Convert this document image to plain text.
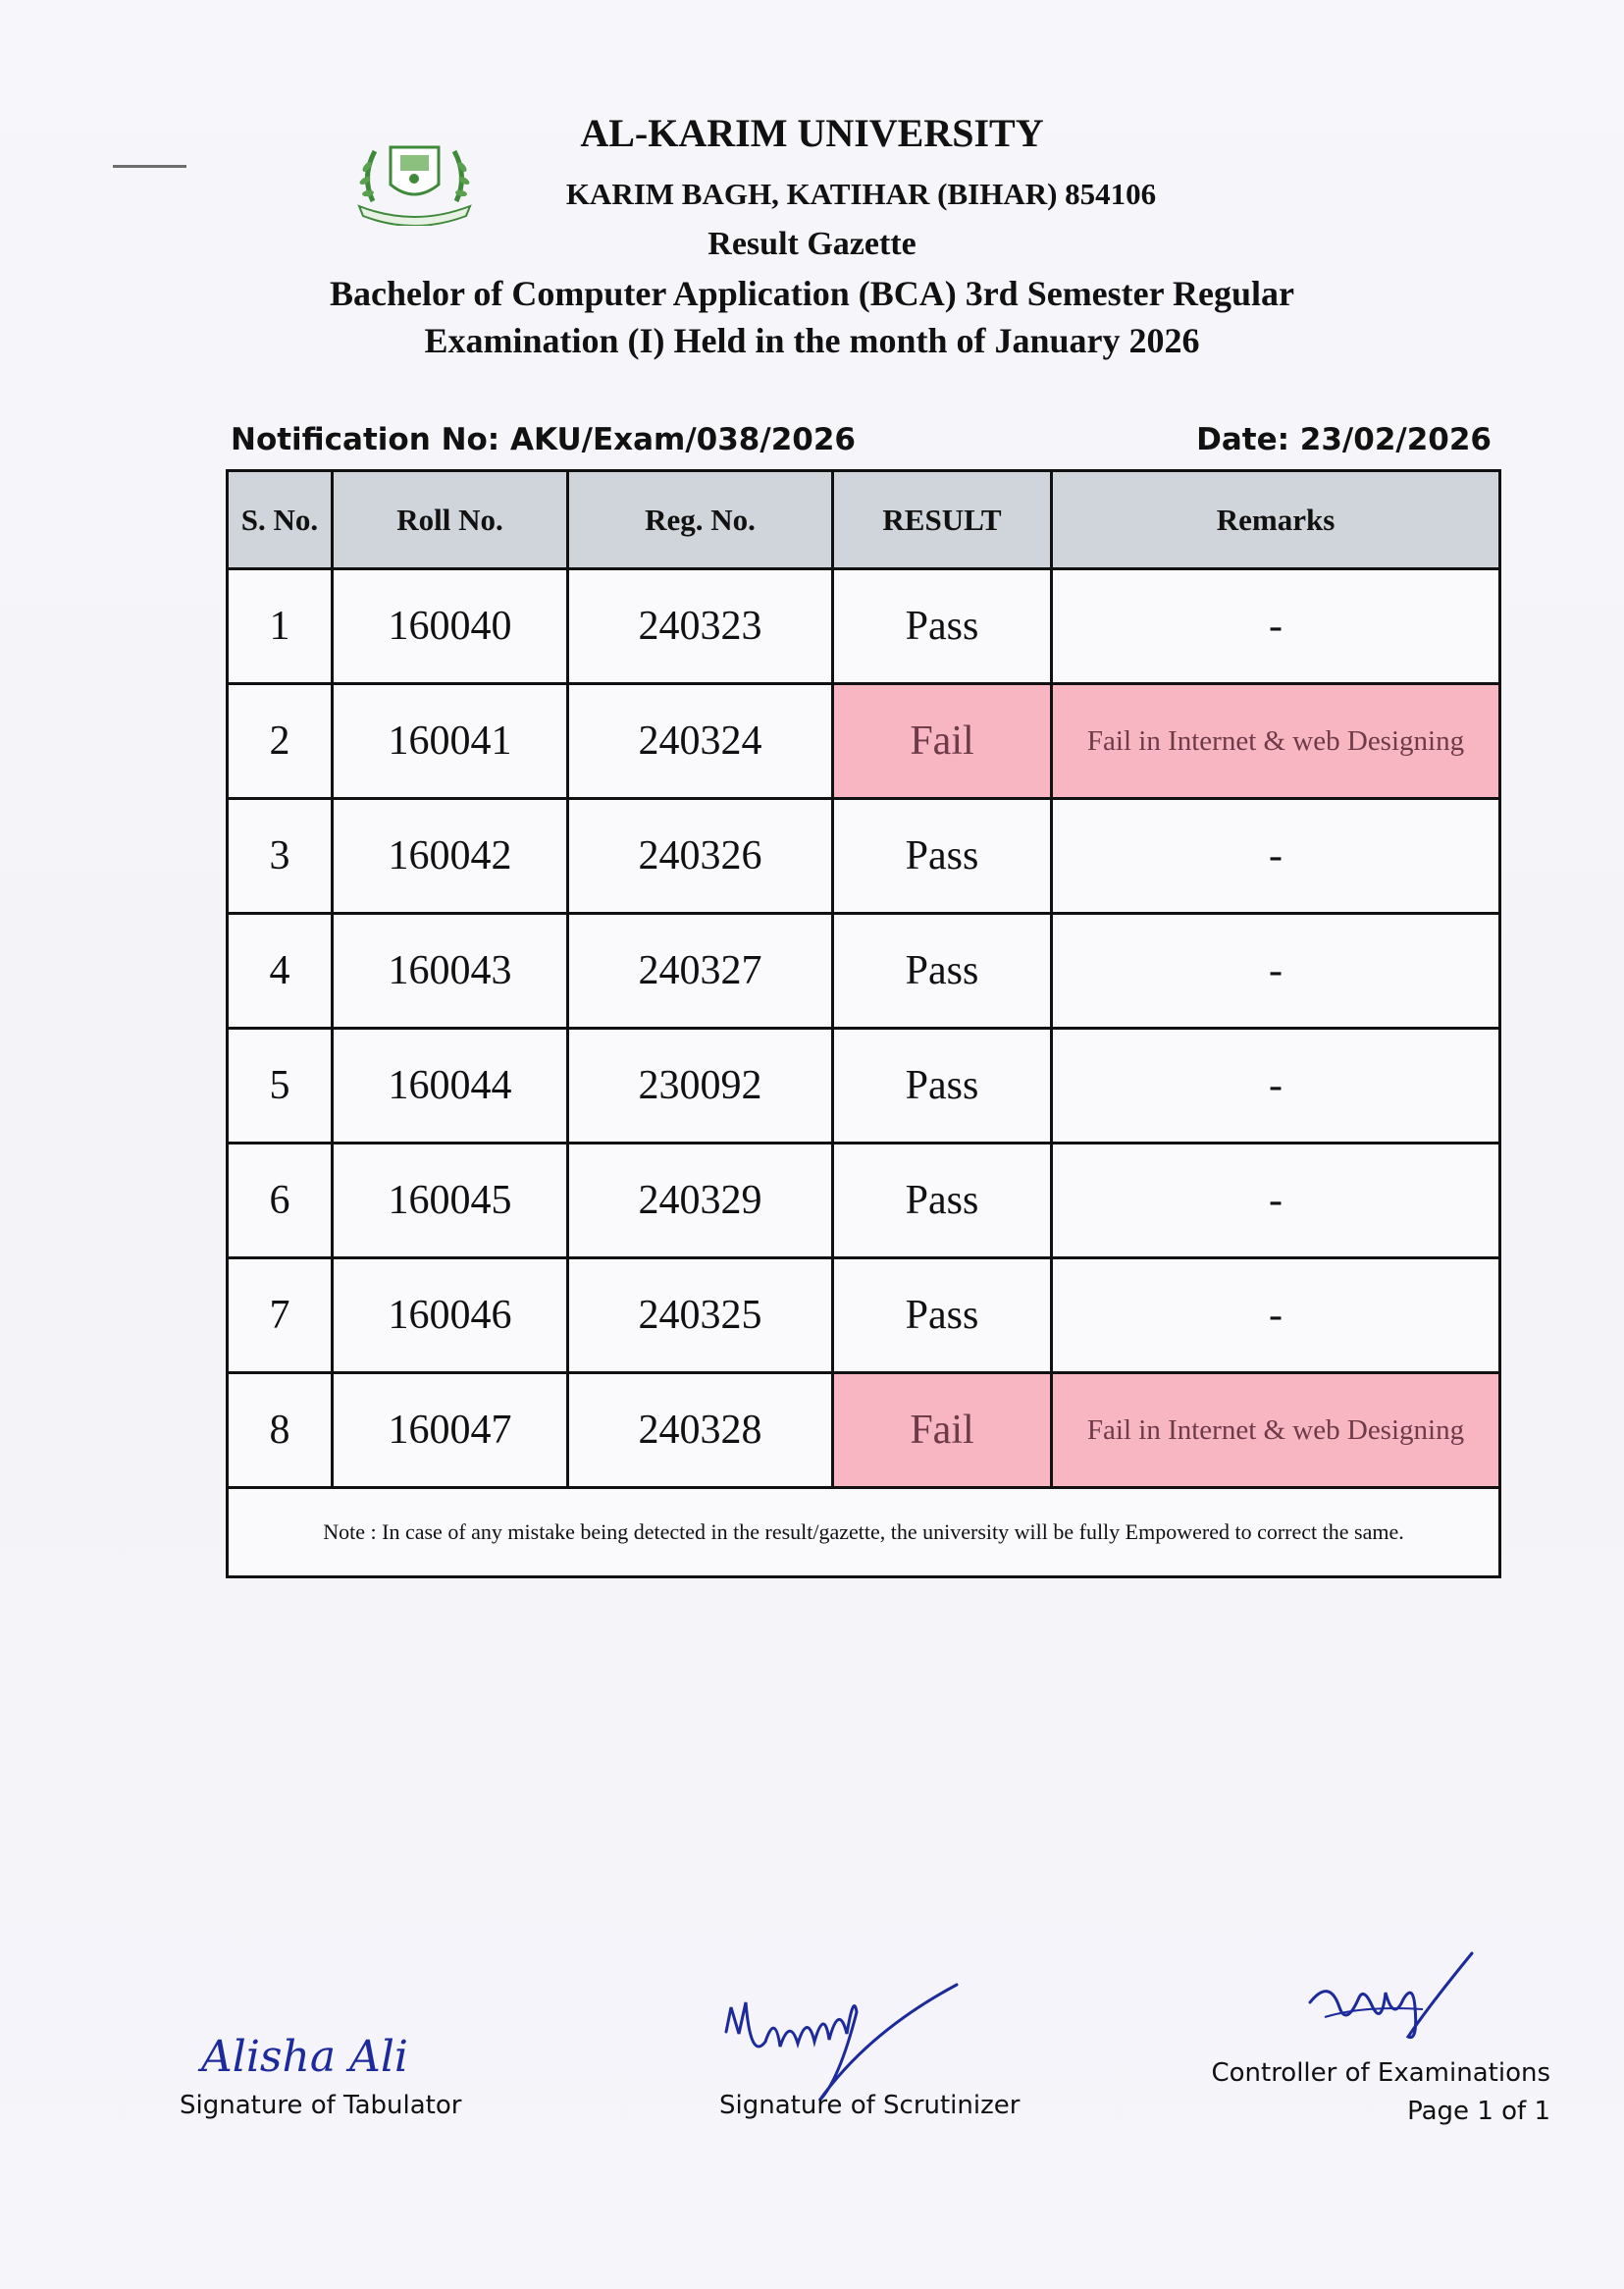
AL-KARIM UNIVERSITY
KARIM BAGH, KATIHAR (BIHAR) 854106
Result Gazette
Bachelor of Computer Application (BCA) 3rd Semester Regular
Examination (I) Held in the month of January 2026
Notification No: AKU/Exam/038/2026	Date: 23/02/2026
S. No.	Roll No.	Reg. No.	RESULT	Remarks
1	160040	240323	Pass	-
2	160041	240324	Fail	Fail in Internet & web Designing
3	160042	240326	Pass	-
4	160043	240327	Pass	-
5	160044	230092	Pass	-
6	160045	240329	Pass	-
7	160046	240325	Pass	-
8	160047	240328	Fail	Fail in Internet & web Designing
Note : In case of any mistake being detected in the result/gazette, the university will be fully Empowered to correct the same.				
Alisha Ali
Signature of Tabulator	Signature of Scrutinizer
Controller of Examinations
Page 1 of 1
